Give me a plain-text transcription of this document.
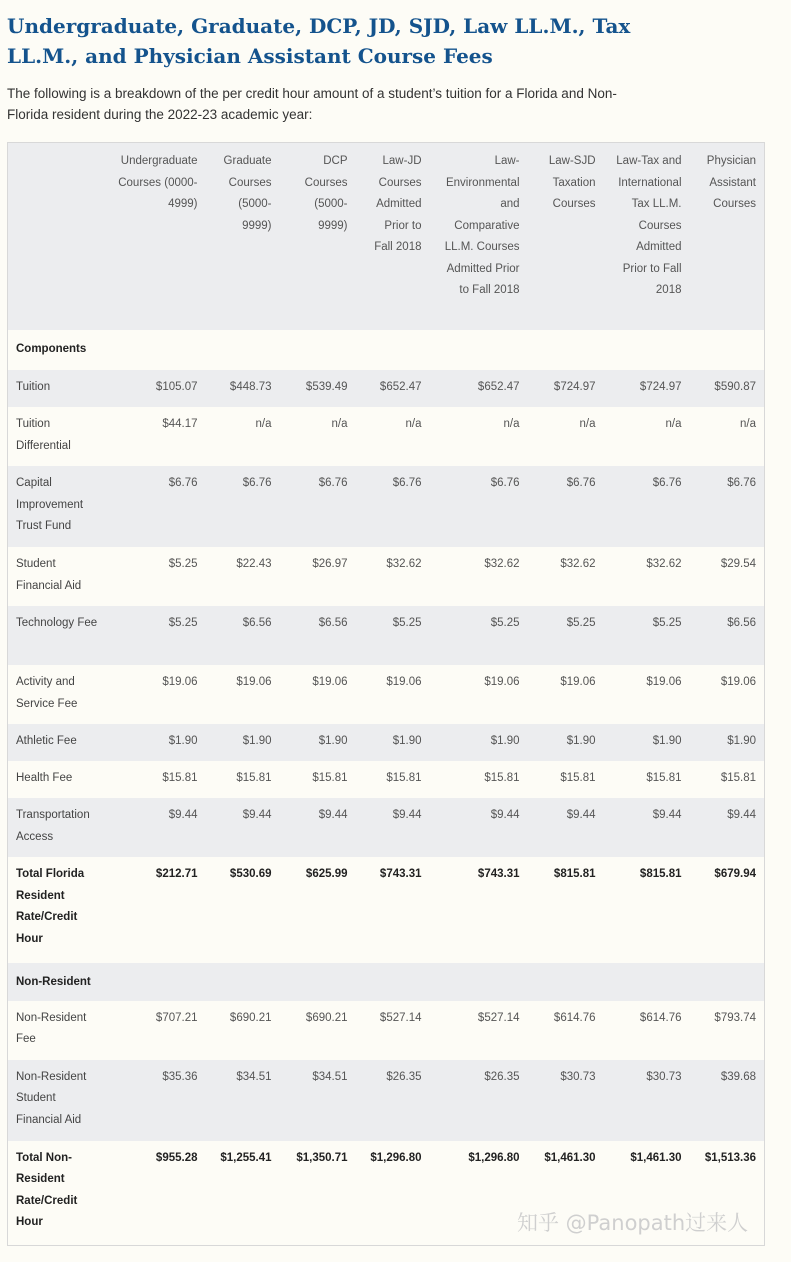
Undergraduate, Graduate, DCP, JD, SJD, Law LL.M., Tax LL.M., and Physician Assistant Course Fees

The following is a breakdown of the per credit hour amount of a student’s tuition for a Florida and Non-Florida resident during the 2022-23 academic year:

	Undergraduate Courses (0000-4999)	Graduate Courses (5000-9999)	DCP Courses (5000-9999)	Law-JD Courses Admitted Prior to Fall 2018	Law-Environmental and Comparative LL.M. Courses Admitted Prior to Fall 2018	Law-SJD Taxation Courses	Law-Tax and International Tax LL.M. Courses Admitted Prior to Fall 2018	Physician Assistant Courses
Components								
Tuition	$105.07	$448.73	$539.49	$652.47	$652.47	$724.97	$724.97	$590.87
Tuition Differential	$44.17	n/a	n/a	n/a	n/a	n/a	n/a	n/a
Capital Improvement Trust Fund	$6.76	$6.76	$6.76	$6.76	$6.76	$6.76	$6.76	$6.76
Student Financial Aid	$5.25	$22.43	$26.97	$32.62	$32.62	$32.62	$32.62	$29.54
Technology Fee	$5.25	$6.56	$6.56	$5.25	$5.25	$5.25	$5.25	$6.56
Activity and Service Fee	$19.06	$19.06	$19.06	$19.06	$19.06	$19.06	$19.06	$19.06
Athletic Fee	$1.90	$1.90	$1.90	$1.90	$1.90	$1.90	$1.90	$1.90
Health Fee	$15.81	$15.81	$15.81	$15.81	$15.81	$15.81	$15.81	$15.81
Transportation Access	$9.44	$9.44	$9.44	$9.44	$9.44	$9.44	$9.44	$9.44
Total Florida Resident Rate/Credit Hour	$212.71	$530.69	$625.99	$743.31	$743.31	$815.81	$815.81	$679.94
Non-Resident								
Non-Resident Fee	$707.21	$690.21	$690.21	$527.14	$527.14	$614.76	$614.76	$793.74
Non-Resident Student Financial Aid	$35.36	$34.51	$34.51	$26.35	$26.35	$30.73	$30.73	$39.68
Total Non-Resident Rate/Credit Hour	$955.28	$1,255.41	$1,350.71	$1,296.80	$1,296.80	$1,461.30	$1,461.30	$1,513.36
知乎 @Panopath过来人
